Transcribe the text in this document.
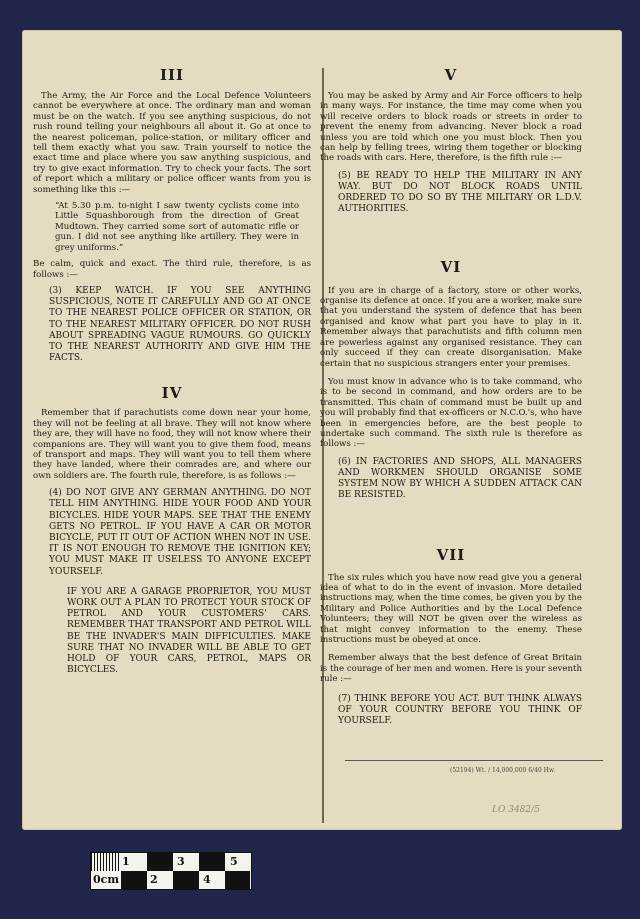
III

The Army, the Air Force and the Local Defence Volunteers cannot be everywhere at once. The ordinary man and woman must be on the watch. If you see anything suspicious, do not rush round telling your neighbours all about it. Go at once to the nearest policeman, police-station, or military officer and tell them exactly what you saw. Train yourself to notice the exact time and place where you saw anything suspicious, and try to give exact information. Try to check your facts. The sort of report which a military or police officer wants from you is something like this :—

“At 5.30 p.m. to-night I saw twenty cyclists come into Little Squashborough from the direction of Great Mudtown. They carried some sort of automatic rifle or gun. I did not see anything like artillery. They were in grey uniforms.”

Be calm, quick and exact. The third rule, therefore, is as follows :—

(3) KEEP WATCH. IF YOU SEE ANYTHING SUSPICIOUS, NOTE IT CAREFULLY AND GO AT ONCE TO THE NEAREST POLICE OFFICER OR STATION, OR TO THE NEAREST MILITARY OFFICER. DO NOT RUSH ABOUT SPREADING VAGUE RUMOURS. GO QUICKLY TO THE NEAREST AUTHORITY AND GIVE HIM THE FACTS.

IV

Remember that if parachutists come down near your home, they will not be feeling at all brave. They will not know where they are, they will have no food, they will not know where their companions are. They will want you to give them food, means of transport and maps. They will want you to tell them where they have landed, where their comrades are, and where our own soldiers are. The fourth rule, therefore, is as follows :—

(4) DO NOT GIVE ANY GERMAN ANYTHING. DO NOT TELL HIM ANYTHING. HIDE YOUR FOOD AND YOUR BICYCLES. HIDE YOUR MAPS. SEE THAT THE ENEMY GETS NO PETROL. IF YOU HAVE A CAR OR MOTOR BICYCLE, PUT IT OUT OF ACTION WHEN NOT IN USE. IT IS NOT ENOUGH TO REMOVE THE IGNITION KEY; YOU MUST MAKE IT USELESS TO ANYONE EXCEPT YOURSELF.

IF YOU ARE A GARAGE PROPRIETOR, YOU MUST WORK OUT A PLAN TO PROTECT YOUR STOCK OF PETROL AND YOUR CUSTOMERS' CARS. REMEMBER THAT TRANSPORT AND PETROL WILL BE THE INVADER'S MAIN DIFFICULTIES. MAKE SURE THAT NO INVADER WILL BE ABLE TO GET HOLD OF YOUR CARS, PETROL, MAPS OR BICYCLES.

V

You may be asked by Army and Air Force officers to help in many ways. For instance, the time may come when you will receive orders to block roads or streets in order to prevent the enemy from advancing. Never block a road unless you are told which one you must block. Then you can help by felling trees, wiring them together or blocking the roads with cars. Here, therefore, is the fifth rule :—

(5) BE READY TO HELP THE MILITARY IN ANY WAY. BUT DO NOT BLOCK ROADS UNTIL ORDERED TO DO SO BY THE MILITARY OR L.D.V. AUTHORITIES.

VI

If you are in charge of a factory, store or other works, organise its defence at once. If you are a worker, make sure that you understand the system of defence that has been organised and know what part you have to play in it. Remember always that parachutists and fifth column men are powerless against any organised resistance. They can only succeed if they can create disorganisation. Make certain that no suspicious strangers enter your premises.

You must know in advance who is to take command, who is to be second in command, and how orders are to be transmitted. This chain of command must be built up and you will probably find that ex-officers or N.C.O.'s, who have been in emergencies before, are the best people to undertake such command. The sixth rule is therefore as follows :—

(6) IN FACTORIES AND SHOPS, ALL MANAGERS AND WORKMEN SHOULD ORGANISE SOME SYSTEM NOW BY WHICH A SUDDEN ATTACK CAN BE RESISTED.

VII

The six rules which you have now read give you a general idea of what to do in the event of invasion. More detailed instructions may, when the time comes, be given you by the Military and Police Authorities and by the Local Defence Volunteers; they will NOT be given over the wireless as that might convey information to the enemy. These instructions must be obeyed at once.

Remember always that the best defence of Great Britain is the courage of her men and women. Here is your seventh rule :—

(7) THINK BEFORE YOU ACT. BUT THINK ALWAYS OF YOUR COUNTRY BEFORE YOU THINK OF YOURSELF.

(52194) Wt. / 14,000,000 6/40 Hw.
LO 3482/5
0cm
1
2
3
4
5
